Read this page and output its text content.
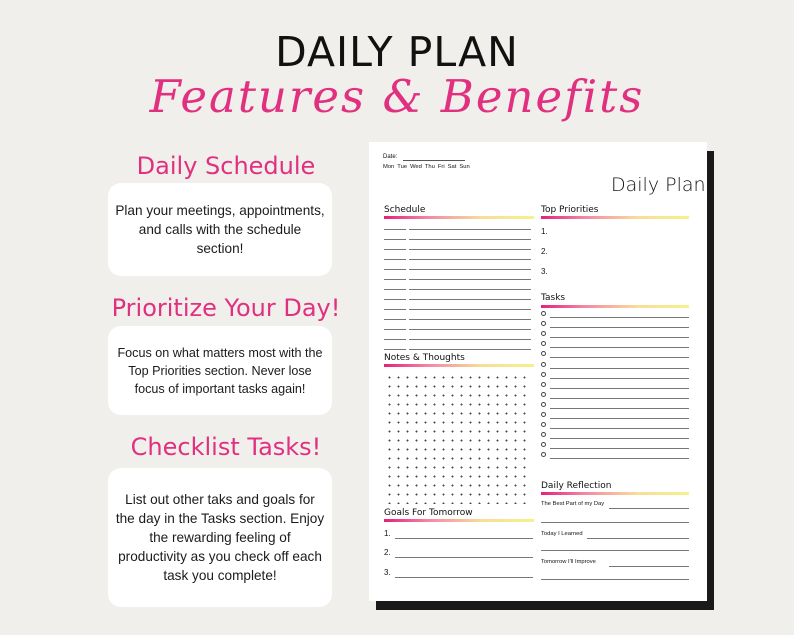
DAILY PLAN
Features & Benefits
Daily Schedule
Plan your meetings, appointments, and calls with the schedule section!
Prioritize Your Day!
Focus on what matters most with the Top Priorities section. Never lose focus of important tasks again!
Checklist Tasks!
List out other taks and goals for the day in the Tasks section. Enjoy the rewarding feeling of productivity as you check off each task you complete!
Date:
Mon Tue Wed Thu Fri Sat Sun
Daily Plan
Schedule
Notes & Thoughts
Goals For Tomorrow
1.
2.
3.
Top Priorities
1.
2.
3.
Tasks
Daily Reflection
The Best Part of my Day
Today I Learned
Tomorrow I'll Improve
